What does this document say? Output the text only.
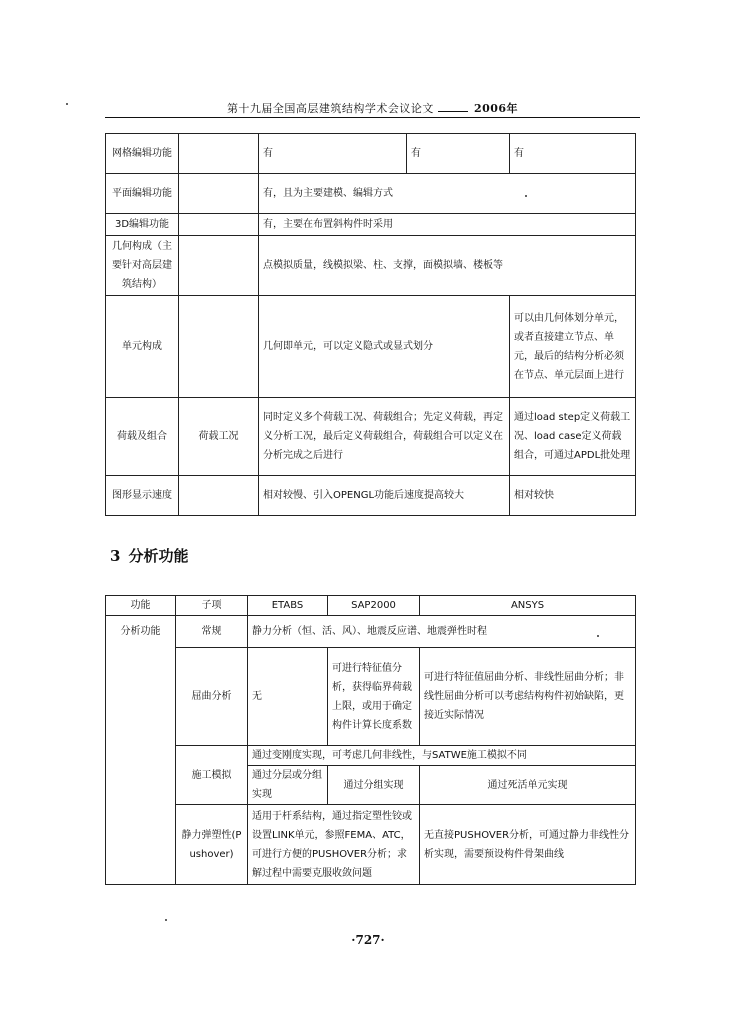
第十九届全国高层建筑结构学术会议论文	2006年
网格编辑功能		有	有	有
平面编辑功能		有，且为主要建模、编辑方式		
3D编辑功能		有，主要在布置斜构件时采用		
几何构成（主要针对高层建筑结构）		点模拟质量，线模拟梁、柱、支撑，面模拟墙、楼板等		
单元构成		几何即单元，可以定义隐式或显式划分		可以由几何体划分单元，或者直接建立节点、单元，最后的结构分析必须在节点、单元层面上进行
荷载及组合	荷载工况	同时定义多个荷载工况、荷载组合；先定义荷载，再定义分析工况，最后定义荷载组合，荷载组合可以定义在分析完成之后进行		通过load step定义荷载工况、load case定义荷载组合，可通过APDL批处理
图形显示速度		相对较慢、引入OPENGL功能后速度提高较大		相对较快
3 分析功能
功能	子项	ETABS	SAP2000	ANSYS
分析功能	常规	静力分析（恒、活、风）、地震反应谱、地震弹性时程		
	屈曲分析	无	可进行特征值分析，获得临界荷载上限，或用于确定构件计算长度系数	可进行特征值屈曲分析、非线性屈曲分析；非线性屈曲分析可以考虑结构构件初始缺陷，更接近实际情况
	施工模拟	通过变刚度实现，可考虑几何非线性，与SATWE施工模拟不同		
		通过分层或分组实现	通过分组实现	通过死活单元实现
	静力弹塑性(Pushover)	适用于杆系结构，通过指定塑性铰或设置LINK单元，参照FEMA、ATC，可进行方便的PUSHOVER分析；求解过程中需要克服收敛问题		无直接PUSHOVER分析，可通过静力非线性分析实现，需要预设构件骨架曲线
·727·
